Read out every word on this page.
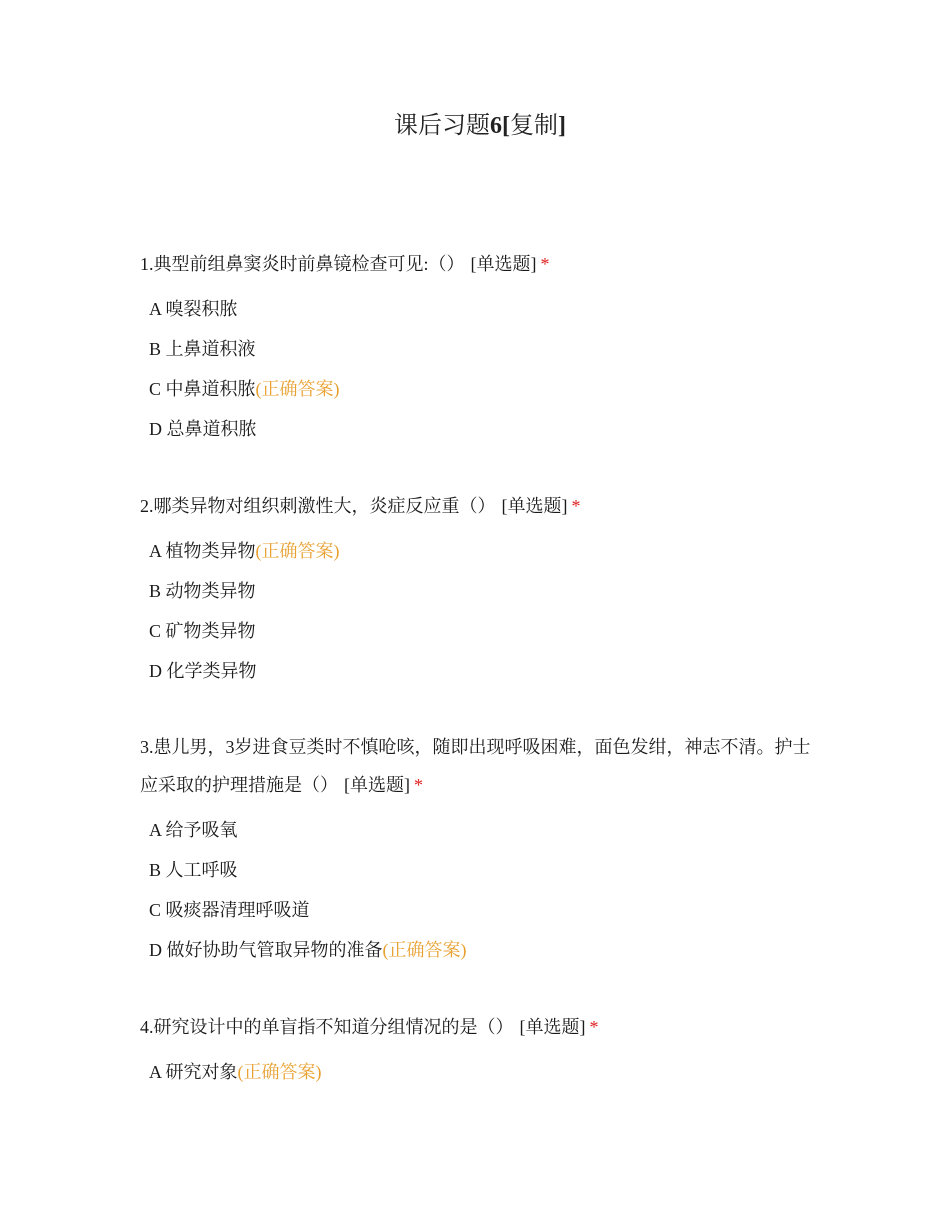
课后习题6[复制]
1.典型前组鼻窦炎时前鼻镜检查可见:（） [单选题] *
A 嗅裂积脓
B 上鼻道积液
C 中鼻道积脓(正确答案)
D 总鼻道积脓
2.哪类异物对组织刺激性大，炎症反应重（） [单选题] *
A 植物类异物(正确答案)
B 动物类异物
C 矿物类异物
D 化学类异物
3.患儿男，3岁进食豆类时不慎呛咳，随即出现呼吸困难，面色发绀，神志不清。护士应采取的护理措施是（） [单选题] *
A 给予吸氧
B 人工呼吸
C 吸痰器清理呼吸道
D 做好协助气管取异物的准备(正确答案)
4.研究设计中的单盲指不知道分组情况的是（） [单选题] *
A 研究对象(正确答案)
